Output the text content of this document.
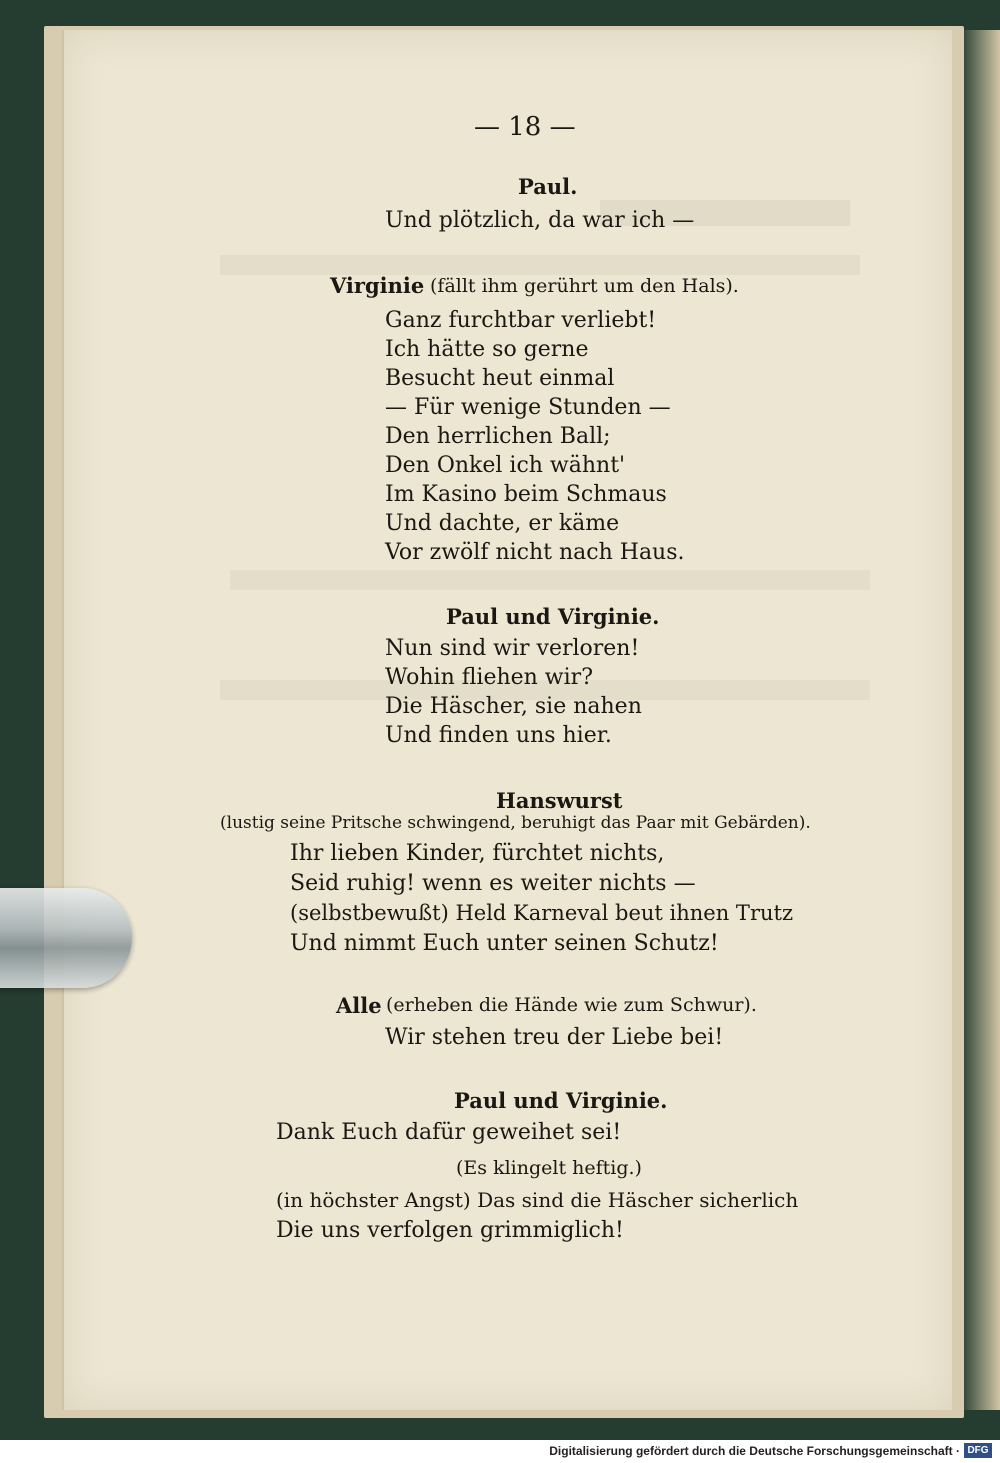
— 18 —
Paul.
Und plötzlich, da war ich —
Virginie (fällt ihm gerührt um den Hals).
Ganz furchtbar verliebt!
Ich hätte so gerne
Besucht heut einmal
— Für wenige Stunden —
Den herrlichen Ball;
Den Onkel ich wähnt'
Im Kasino beim Schmaus
Und dachte, er käme
Vor zwölf nicht nach Haus.
Paul und Virginie.
Nun sind wir verloren!
Wohin fliehen wir?
Die Häscher, sie nahen
Und finden uns hier.
Hanswurst
(lustig seine Pritsche schwingend, beruhigt das Paar mit Gebärden).
Ihr lieben Kinder, fürchtet nichts,
Seid ruhig! wenn es weiter nichts —
(selbstbewußt) Held Karneval beut ihnen Trutz
Und nimmt Euch unter seinen Schutz!
Alle (erheben die Hände wie zum Schwur).
Wir stehen treu der Liebe bei!
Paul und Virginie.
Dank Euch dafür geweihet sei!
(Es klingelt heftig.)
(in höchster Angst) Das sind die Häscher sicherlich
Die uns verfolgen grimmiglich!
Digitalisierung gefördert durch die Deutsche Forschungsgemeinschaft · DFG
